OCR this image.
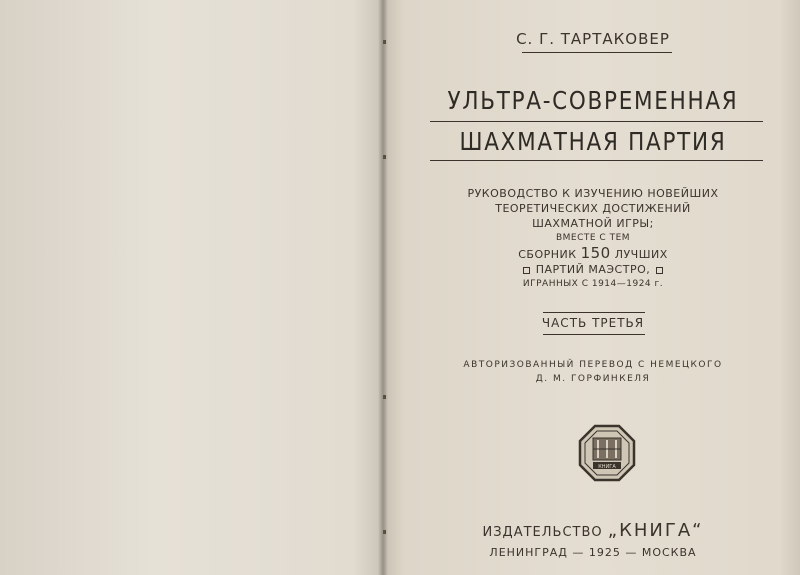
С. Г. ТАРТАКОВЕР
УЛЬТРА-СОВРЕМЕННАЯ
ШАХМАТНАЯ ПАРТИЯ
РУКОВОДСТВО К ИЗУЧЕНИЮ НОВЕЙШИХ
ТЕОРЕТИЧЕСКИХ ДОСТИЖЕНИЙ
ШАХМАТНОЙ ИГРЫ;
ВМЕСТЕ С ТЕМ
СБОРНИК 150 ЛУЧШИХ
ПАРТИЙ МАЭСТРО,
ИГРАННЫХ С 1914—1924 г.
ЧАСТЬ ТРЕТЬЯ
АВТОРИЗОВАННЫЙ ПЕРЕВОД С НЕМЕЦКОГО
Д. М. ГОРФИНКЕЛЯ
КНИГА
ИЗДАТЕЛЬСТВО „КНИГА“
ЛЕНИНГРАД — 1925 — МОСКВА
